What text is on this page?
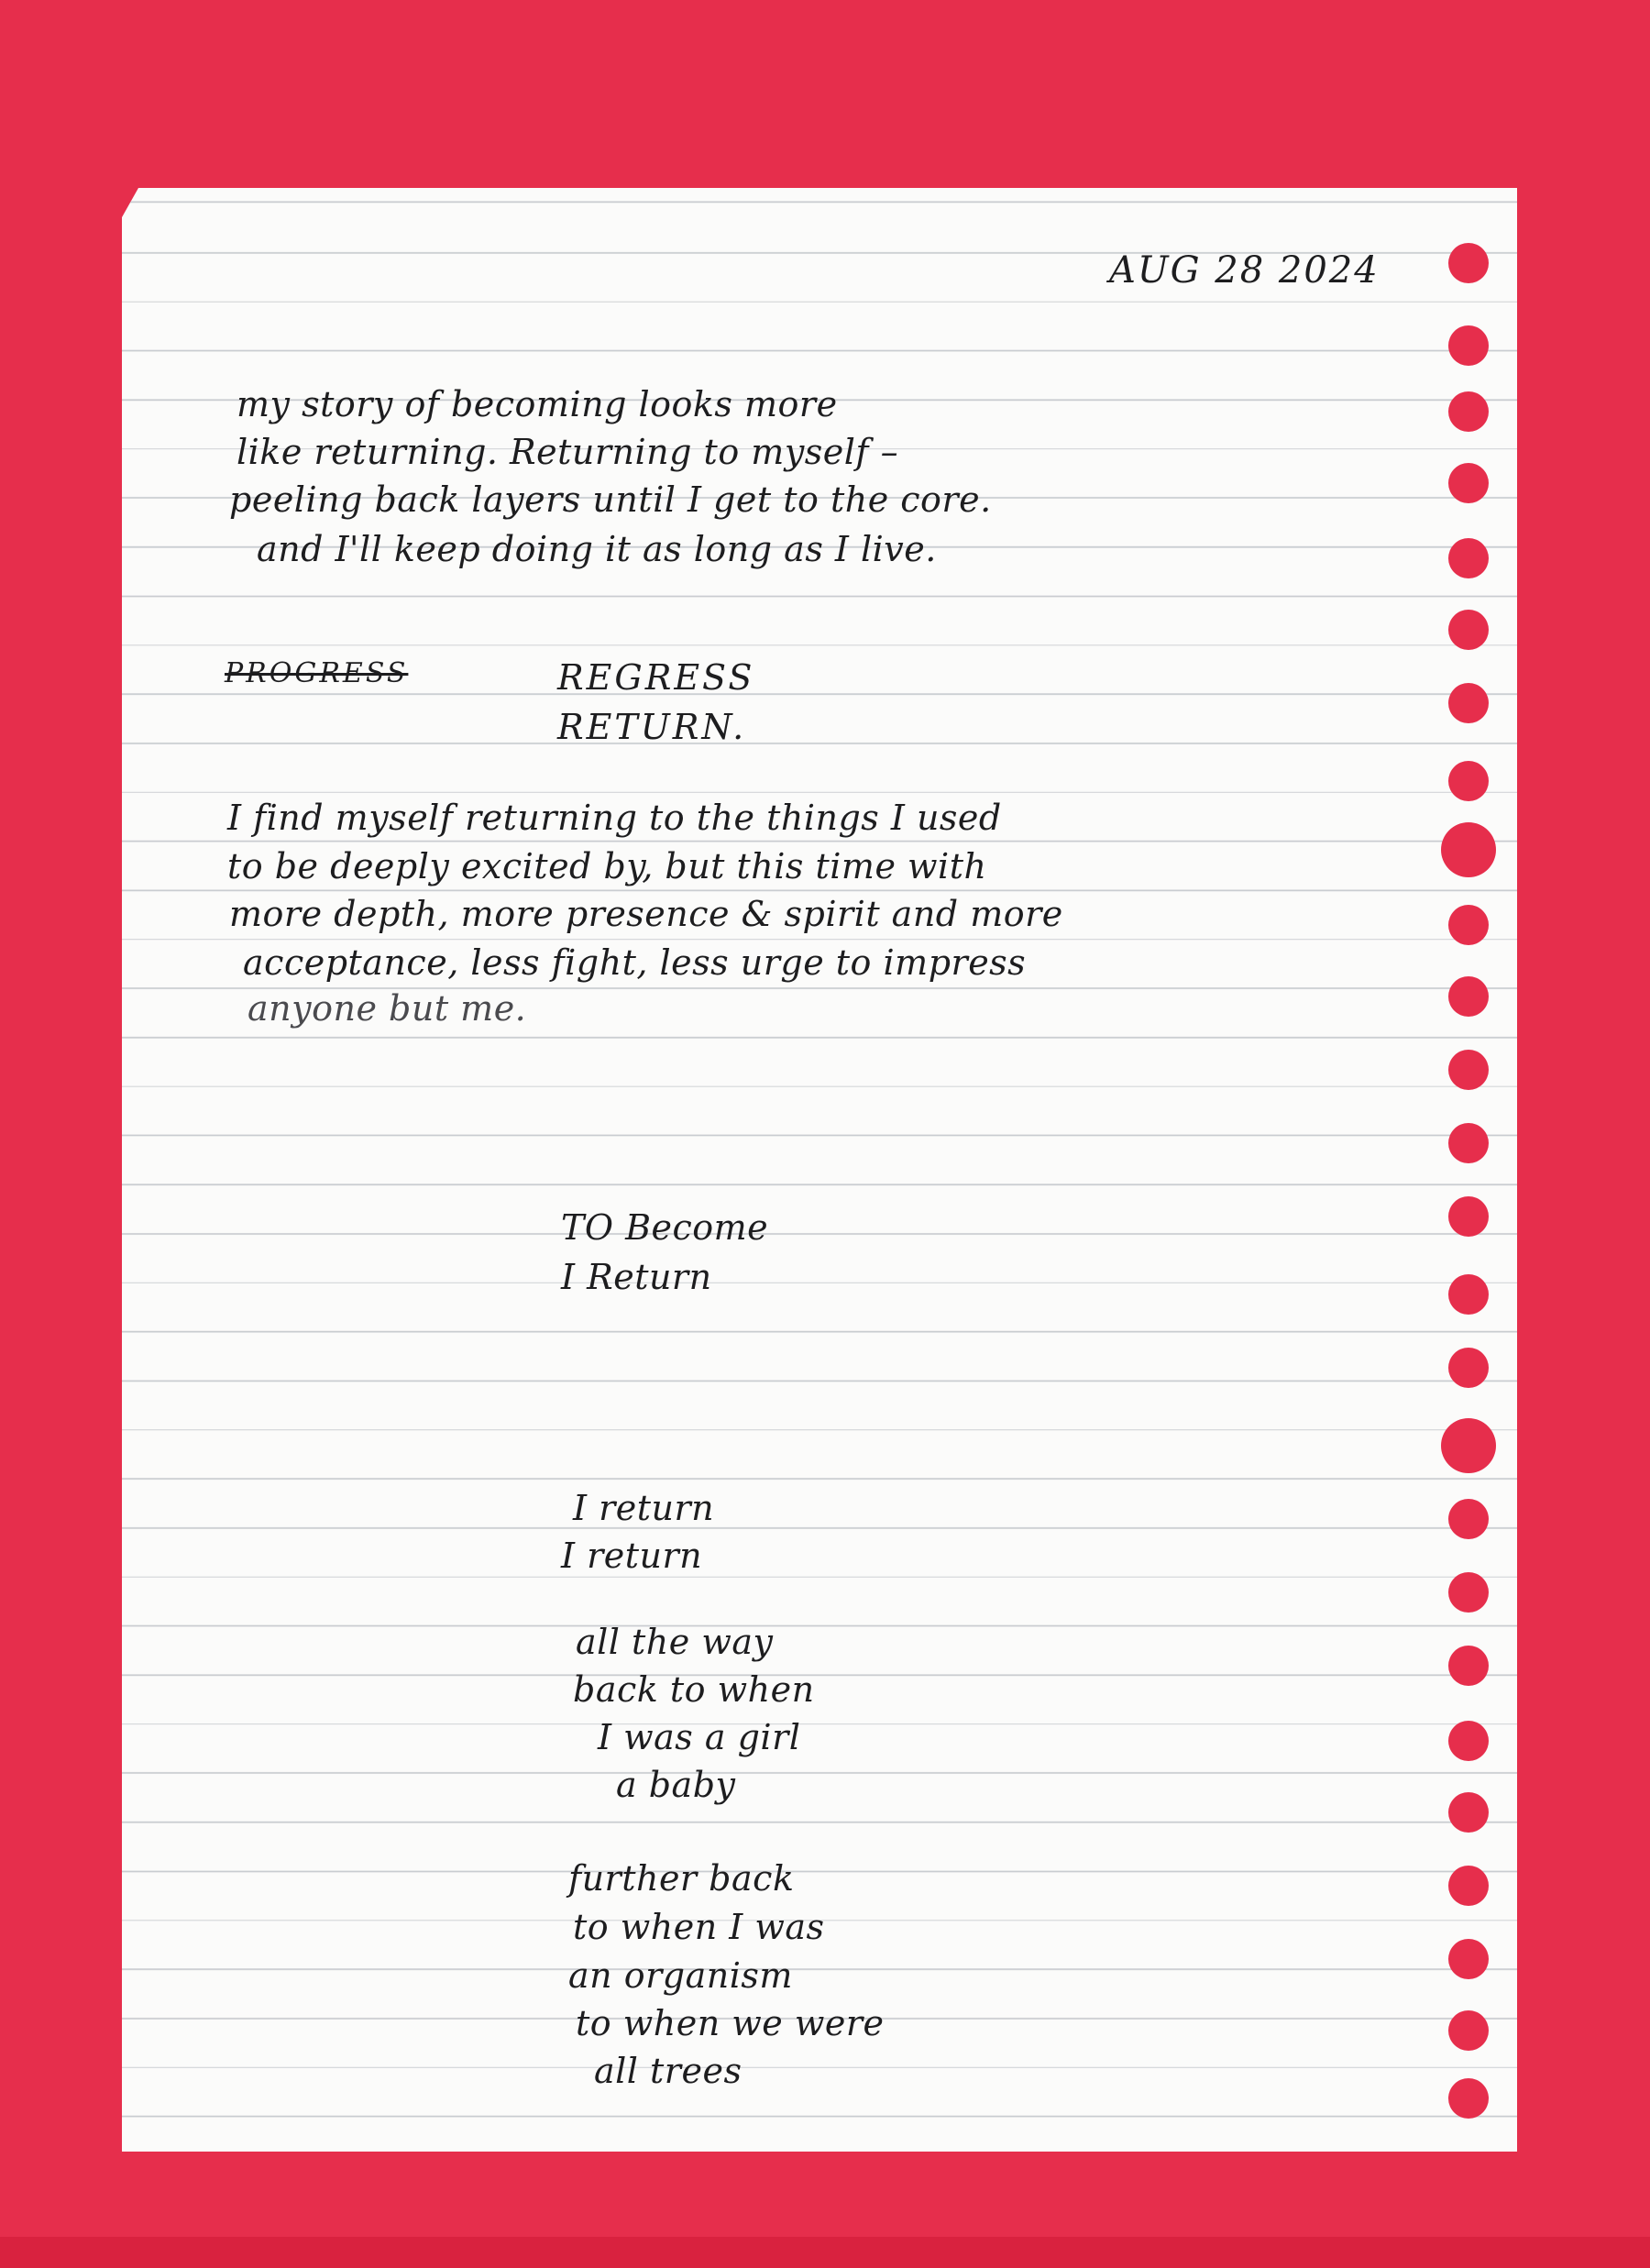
AUG 28 2024
my story of becoming looks more
like returning. Returning to myself –
peeling back layers until I get to the core.
and I'll keep doing it as long as I live.
PROGRESS	REGRESS
RETURN.
I find myself returning to the things I used
to be deeply excited by, but this time with
more depth, more presence & spirit and more
acceptance, less fight, less urge to impress
anyone but me.
TO Become
I Return
I return
I return
all the way
back to when
I was a girl
a baby
further back
to when I was
an organism
to when we were
all trees
